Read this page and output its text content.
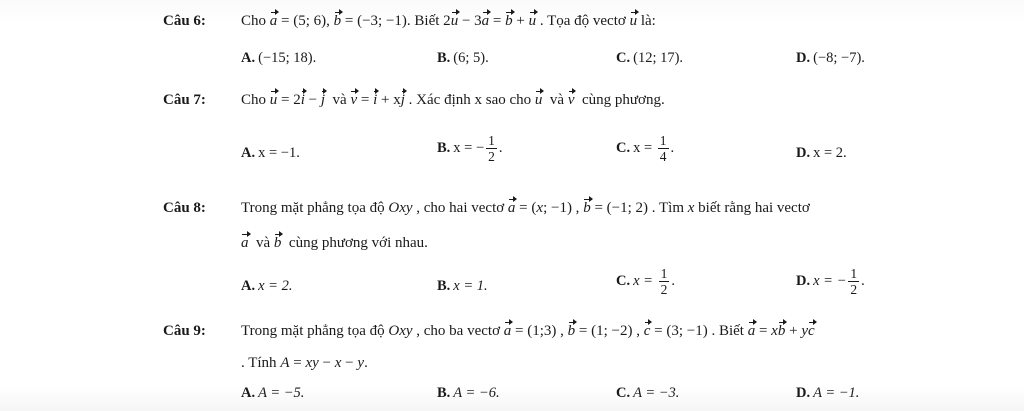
Câu 6: Cho a = (5; 6), b = (−3; −1). Biết 2u − 3a = b + u . Tọa độ vectơ u là:
A. (−15; 18).	B. (6; 5).	C. (12; 17).	D. (−8; −7).
Câu 7: Cho u = 2i − j  và v = i + xj . Xác định x sao cho u  và v  cùng phương.
A. x = −1.	B. x = − $\frac{1}{2}$ .	C. $x = \frac{1}{4}$ .	D. x = 2.
Câu 8: Trong mặt phẳng tọa độ Oxy , cho hai vectơ a = (x; −1) , b = (−1; 2) . Tìm x biết rằng hai vectơ
a  và b  cùng phương với nhau.
A. x = 2.	B. x = 1.	C. $x = \frac{1}{2}$ .	D. x = − $\frac{1}{2}$ .
Câu 9: Trong mặt phẳng tọa độ Oxy , cho ba vectơ a = (1;3) , b = (1; −2) , c = (3; −1) . Biết a = xb + yc
. Tính A = xy − x − y.
A. A = −5.	B. A = −6.	C. A = −3.	D. A = −1.
